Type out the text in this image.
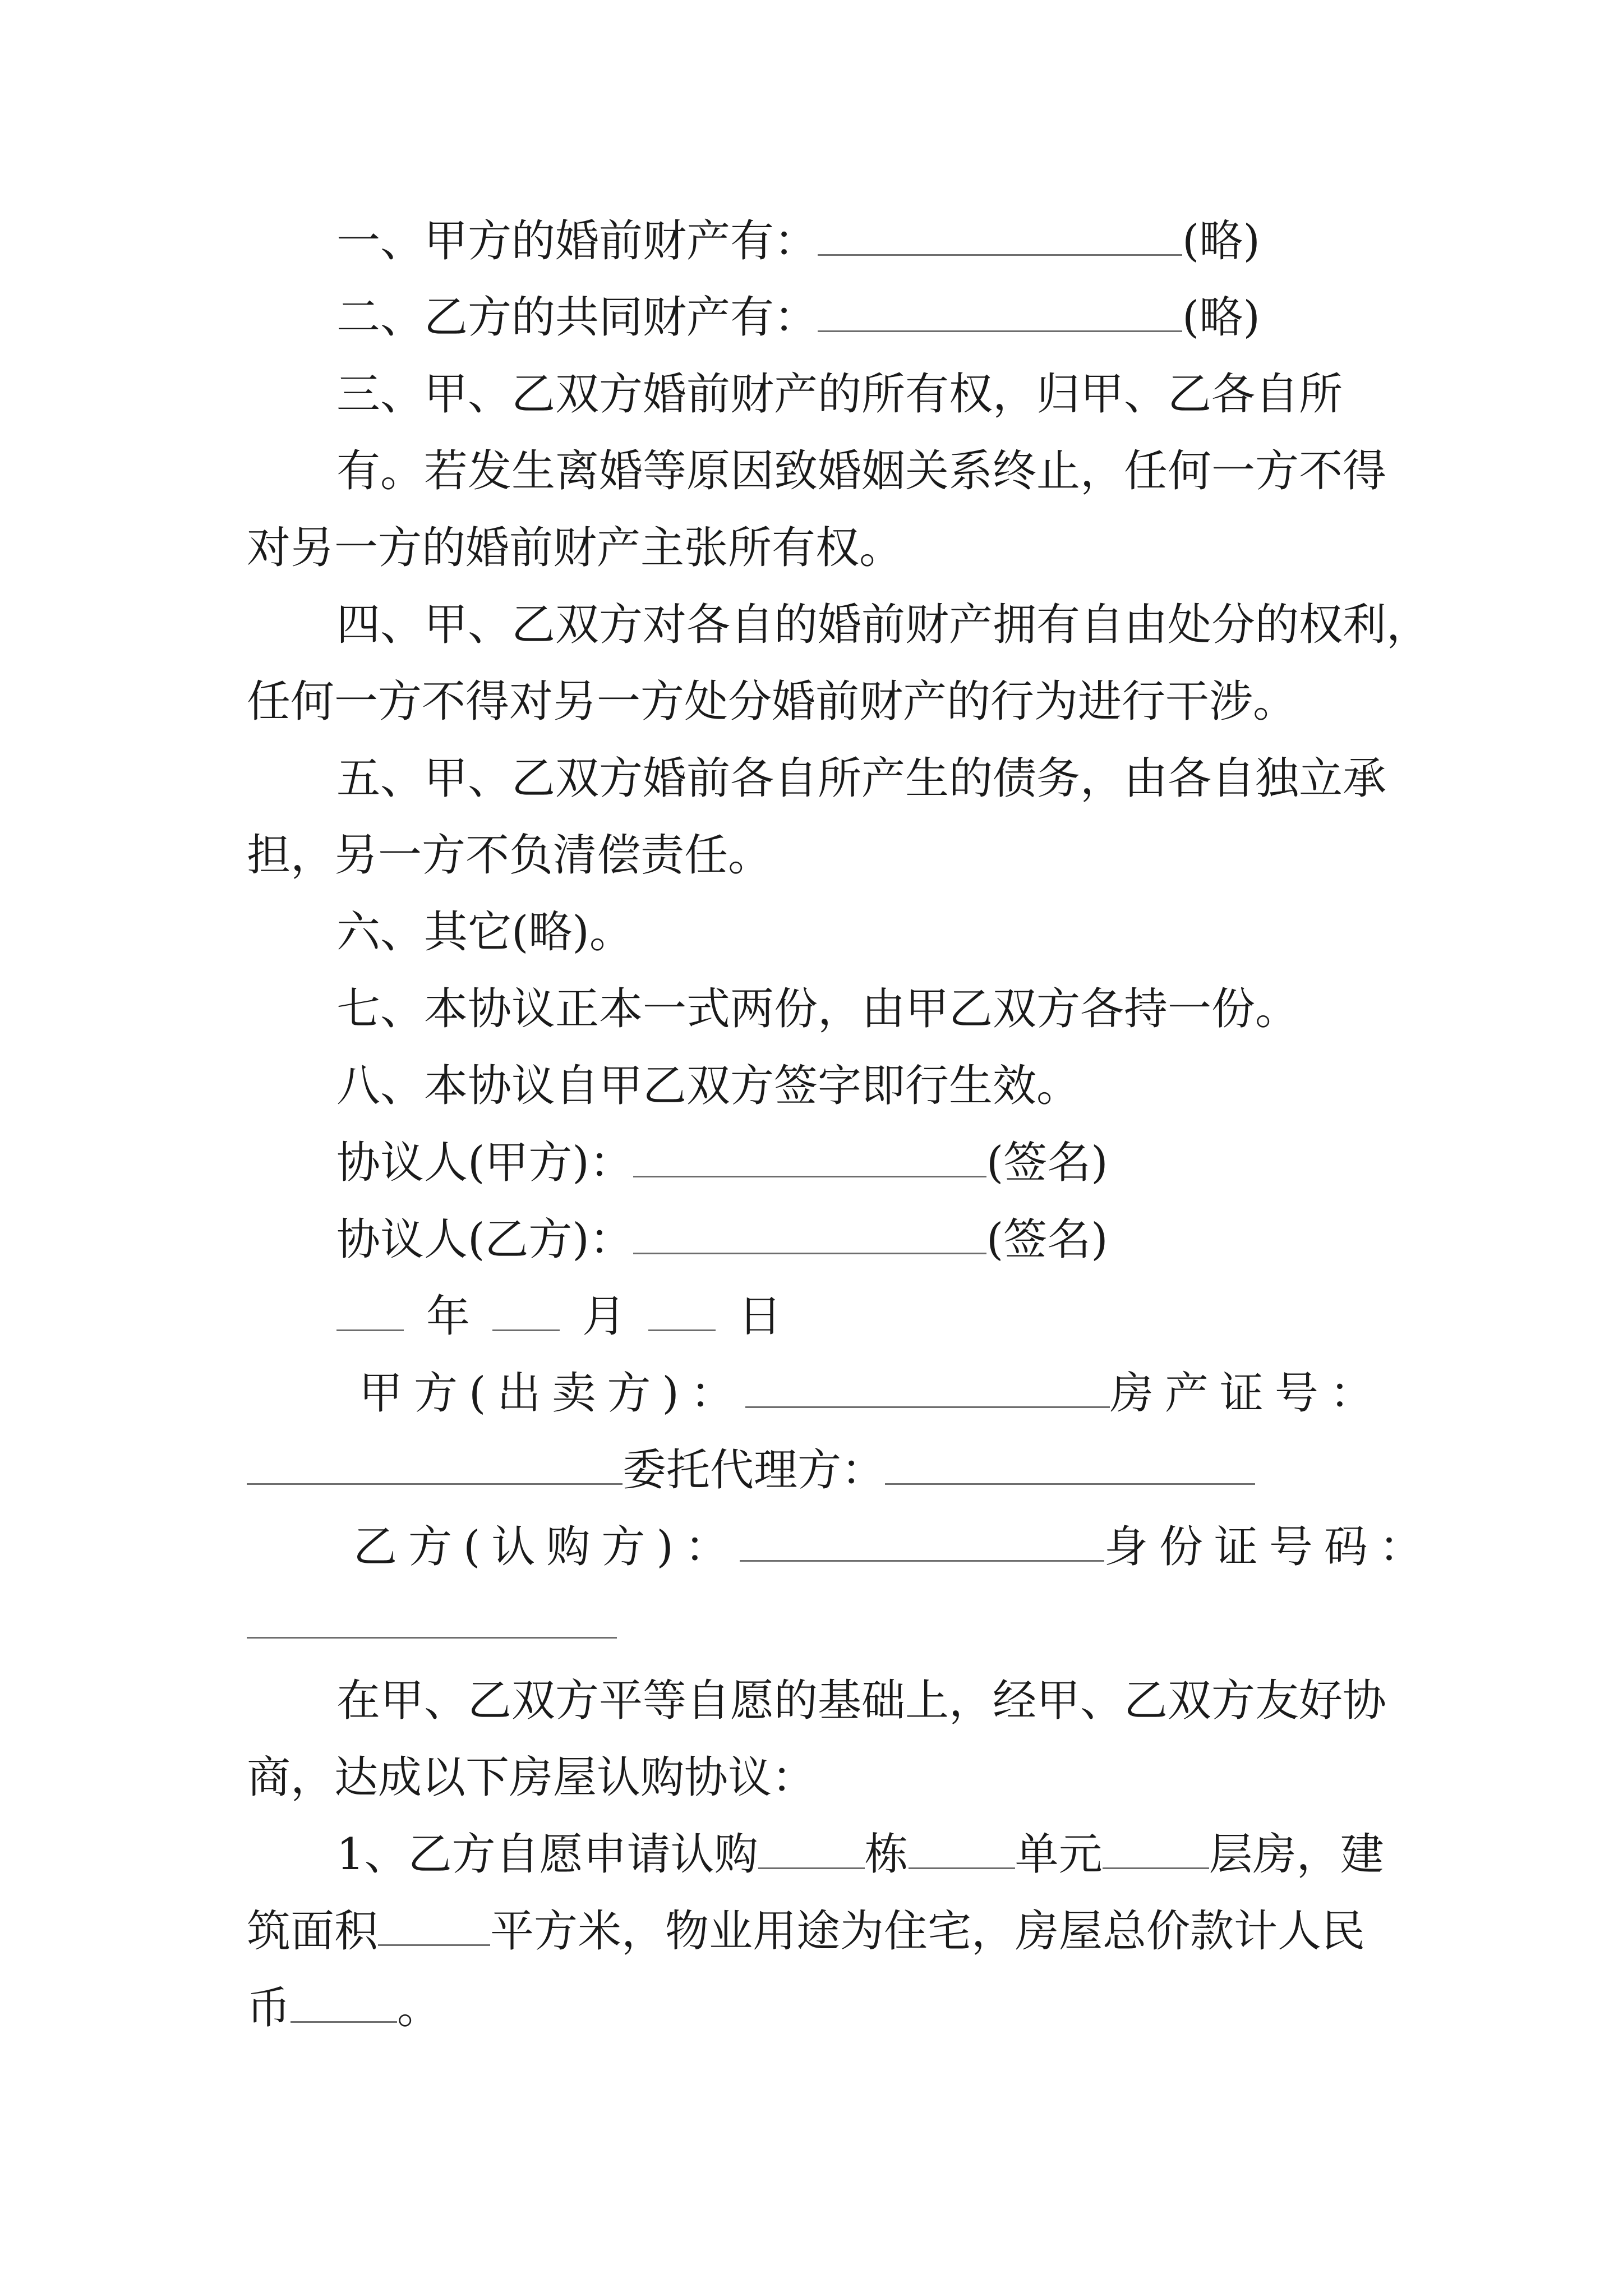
一、甲方的婚前财产有：	(略)
二、乙方的共同财产有：	(略)
三、甲、乙双方婚前财产的所有权，归甲、乙各自所
有。若发生离婚等原因致婚姻关系终止，任何一方不得
对另一方的婚前财产主张所有权。
四、甲、乙双方对各自的婚前财产拥有自由处分的权利，
任何一方不得对另一方处分婚前财产的行为进行干涉。
五、甲、乙双方婚前各自所产生的债务，由各自独立承
担，另一方不负清偿责任。
六、其它(略)。
七、本协议正本一式两份，由甲乙双方各持一份。
八、本协议自甲乙双方签字即行生效。
协议人(甲方)：	(签名)
协议人(乙方)：	(签名)
年	月	日
甲方(出卖方)：	房产证号：
委托代理方：
乙方(认购方)：	身份证号码：
在甲、乙双方平等自愿的基础上，经甲、乙双方友好协
商，达成以下房屋认购协议：
1、乙方自愿申请认购 栋 单元 层房，建
筑面积	平方米，物业用途为住宅，房屋总价款计人民
币 。
